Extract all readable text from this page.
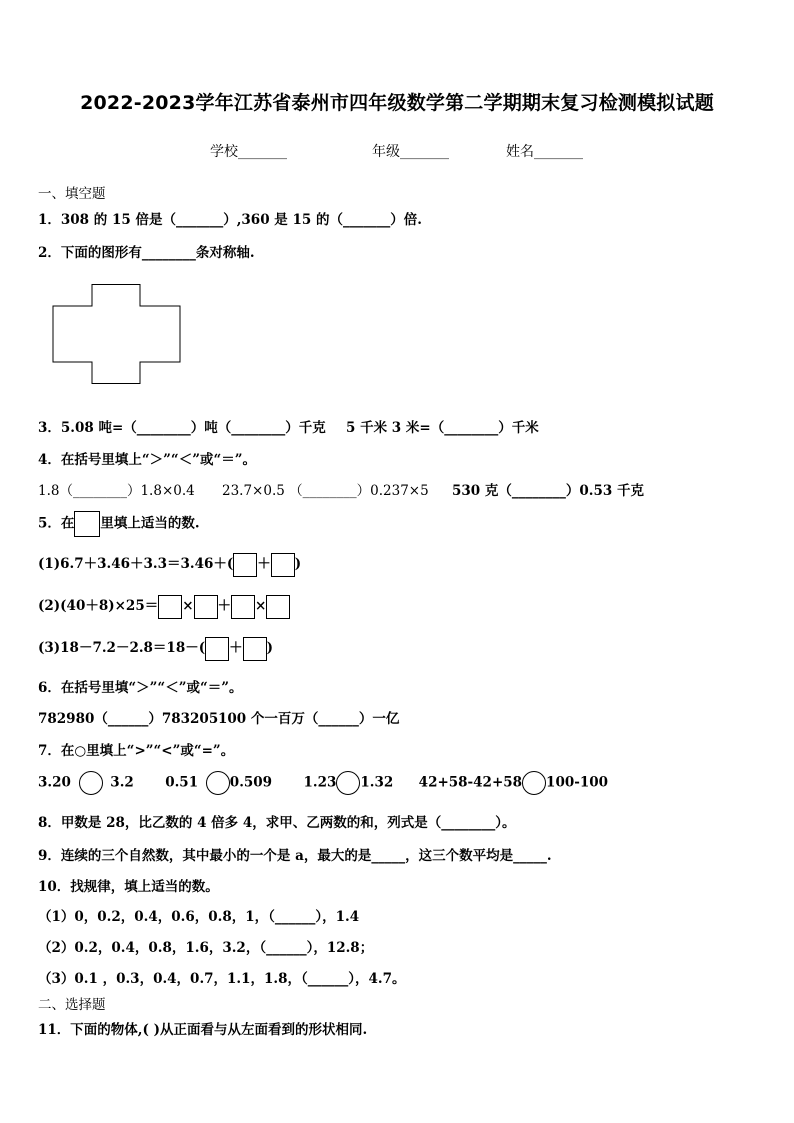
2022-2023学年江苏省泰州市四年级数学第二学期期末复习检测模拟试题
学校_______	年级_______	姓名_______
一、填空题
1．308 的 15 倍是（_______）,360 是 15 的（_______）倍.
2．下面的图形有________条对称轴.
3．5.08 吨=（________）吨（________）千克 5 千米 3 米=（________）千米
4．在括号里填上“＞”“＜”或“＝”。
1.8（________）1.8×0.4 23.7×0.5 （________）0.237×5 530 克（________）0.53 千克
5．在 里填上适当的数.
(1)6.7＋3.46＋3.3＝3.46＋( ＋ )
(2)(40＋8)×25＝ × ＋ ×
(3)18－7.2－2.8＝18－( ＋ )
6．在括号里填“＞”“＜”或“＝”。
782980（______）783205 100 个一百万（______）一亿
7．在○里填上“>”“<”或“=”。
3.20	3.2 0.51 0.509 1.23 1.32 42+58-42+58 100-100
8．甲数是 28，比乙数的 4 倍多 4，求甲、乙两数的和，列式是（________）。
9．连续的三个自然数，其中最小的一个是 a，最大的是_____，这三个数平均是_____.
10．找规律，填上适当的数。
（1）0，0.2，0.4，0.6，0.8，1，（______），1.4
（2）0.2，0.4，0.8，1.6，3.2，（______），12.8；
（3）0.1 ，0.3，0.4，0.7，1.1，1.8，（______），4.7。
二、选择题
11．下面的物体,( )从正面看与从左面看到的形状相同.
